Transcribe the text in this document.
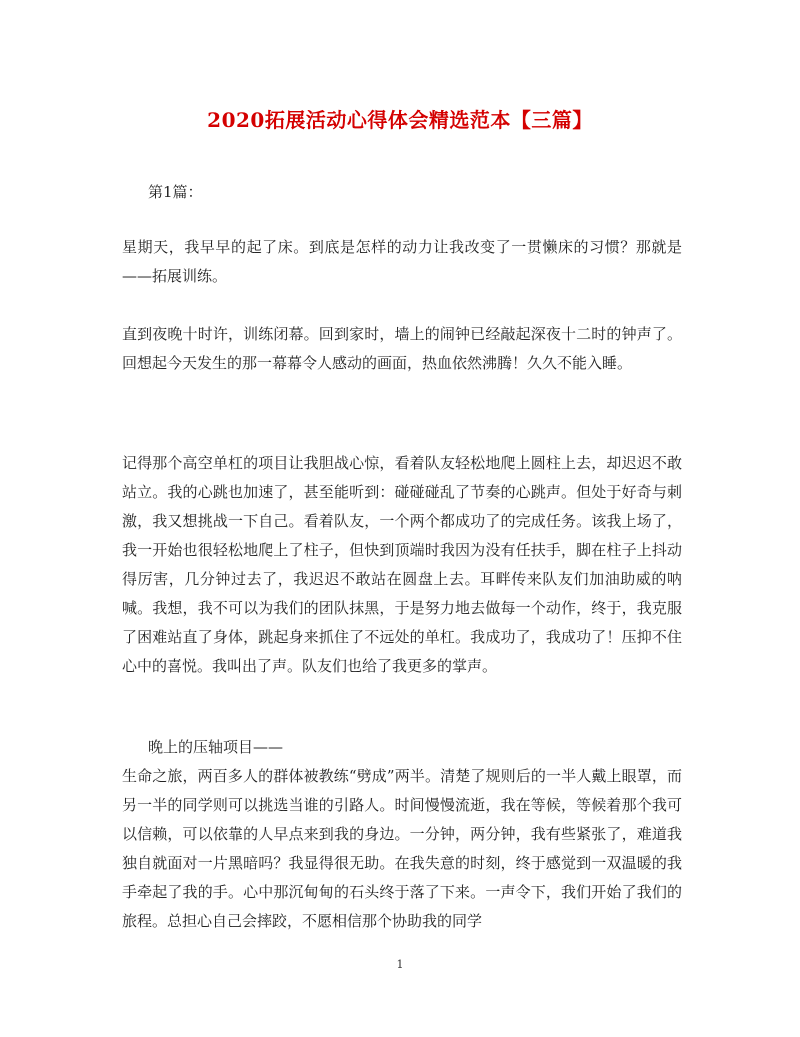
2020拓展活动心得体会精选范本【三篇】
第1篇：

星期天，我早早的起了床。到底是怎样的动力让我改变了一贯懒床的习惯？那就是——拓展训练。

直到夜晚十时许，训练闭幕。回到家时，墙上的闹钟已经敲起深夜十二时的钟声了。回想起今天发生的那一幕幕令人感动的画面，热血依然沸腾！久久不能入睡。

记得那个高空单杠的项目让我胆战心惊，看着队友轻松地爬上圆柱上去，却迟迟不敢站立。我的心跳也加速了，甚至能听到：碰碰碰乱了节奏的心跳声。但处于好奇与刺激，我又想挑战一下自己。看着队友，一个两个都成功了的完成任务。该我上场了，我一开始也很轻松地爬上了柱子，但快到顶端时我因为没有任扶手，脚在柱子上抖动得厉害，几分钟过去了，我迟迟不敢站在圆盘上去。耳畔传来队友们加油助威的呐喊。我想，我不可以为我们的团队抹黑，于是努力地去做每一个动作，终于，我克服了困难站直了身体，跳起身来抓住了不远处的单杠。我成功了，我成功了！压抑不住心中的喜悦。我叫出了声。队友们也给了我更多的掌声。

晚上的压轴项目——

生命之旅，两百多人的群体被教练“劈成”两半。清楚了规则后的一半人戴上眼罩，而另一半的同学则可以挑选当谁的引路人。时间慢慢流逝，我在等候，等候着那个我可以信赖，可以依靠的人早点来到我的身边。一分钟，两分钟，我有些紧张了，难道我独自就面对一片黑暗吗？我显得很无助。在我失意的时刻，终于感觉到一双温暖的我手牵起了我的手。心中那沉甸甸的石头终于落了下来。一声令下，我们开始了我们的旅程。总担心自己会摔跤，不愿相信那个协助我的同学

1
